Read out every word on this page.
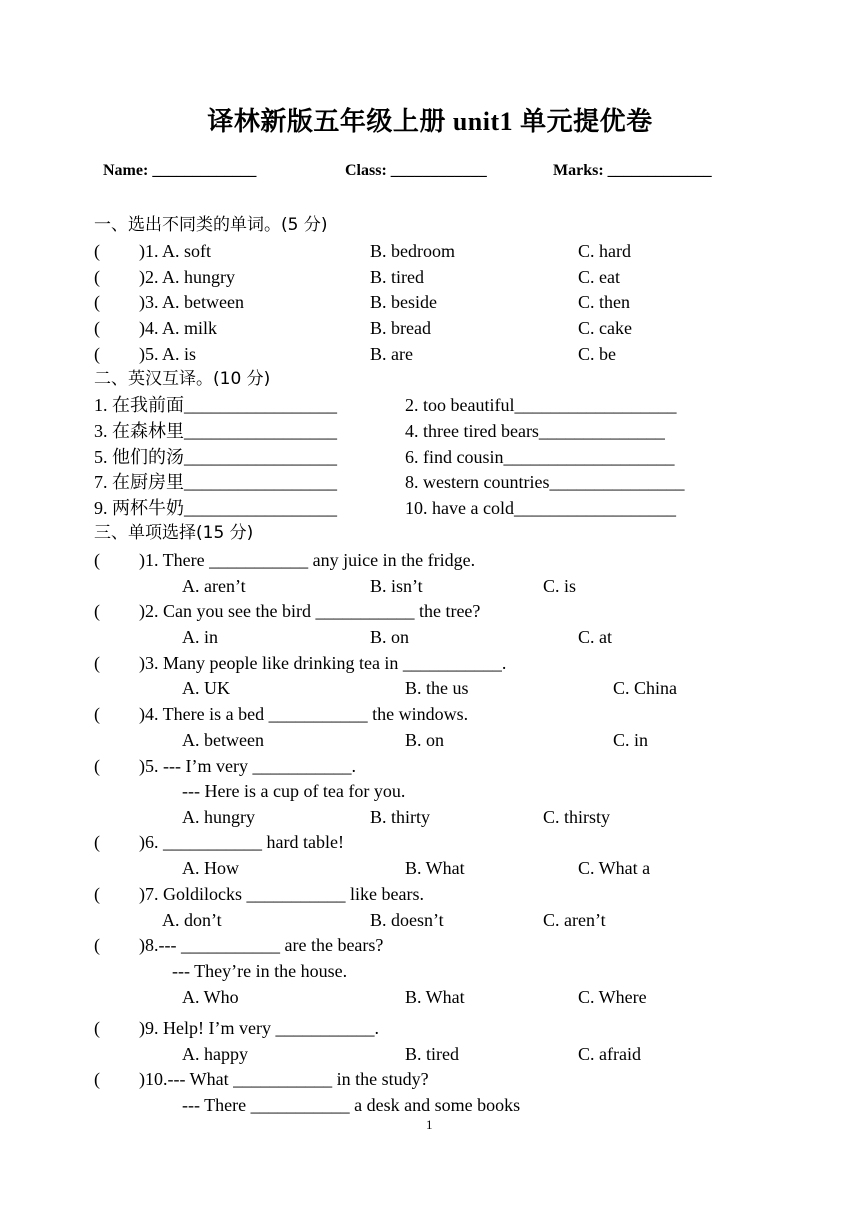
译林新版五年级上册 unit1 单元提优卷
Name: _____________	Class: ____________	Marks: _____________
一、选出不同类的单词。(5 分)
( )1. A. soft	B. bedroom	C. hard
( )2. A. hungry	B. tired	C. eat
( )3. A. between	B. beside	C. then
( )4. A. milk	B. bread	C. cake
( )5. A. is	B. are	C. be
二、英汉互译。(10 分)
1. 在我前面_________________	2. too beautiful__________________
3. 在森林里_________________	4. three tired bears______________
5. 他们的汤_________________	6. find cousin___________________
7. 在厨房里_________________	8. western countries_______________
9. 两杯牛奶_________________	10. have a cold__________________
三、单项选择(15 分)
( )1. There ___________ any juice in the fridge.
A. aren’t	B. isn’t	C. is
( )2. Can you see the bird ___________ the tree?
A. in	B. on	C. at
( )3. Many people like drinking tea in ___________.
A. UK	B. the us	C. China
( )4. There is a bed ___________ the windows.
A. between	B. on	C. in
( )5. --- I’m very ___________.
--- Here is a cup of tea for you.
A. hungry	B. thirty	C. thirsty
( )6. ___________ hard table!
A. How	B. What	C. What a
( )7. Goldilocks ___________ like bears.
A. don’t	B. doesn’t	C. aren’t
( )8.--- ___________ are the bears?
--- They’re in the house.
A. Who	B. What	C. Where
( )9. Help! I’m very ___________.
A. happy	B. tired	C. afraid
( )10.--- What ___________ in the study?
--- There ___________ a desk and some books
1
